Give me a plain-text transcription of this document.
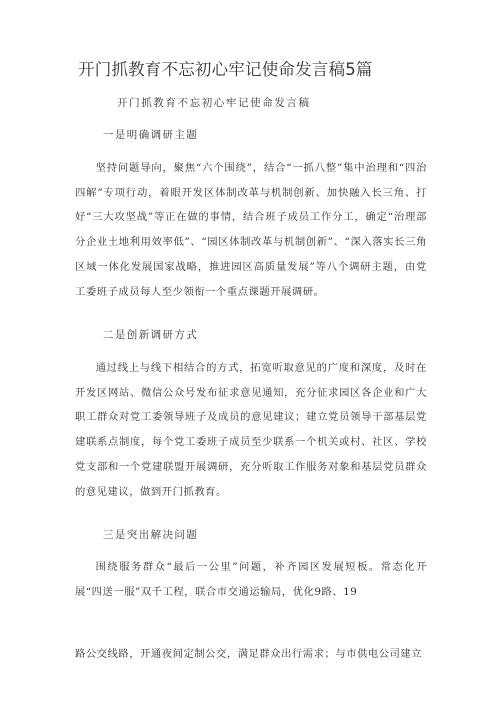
开门抓教育不忘初心牢记使命发言稿5篇
开门抓教育不忘初心牢记使命发言稿
一是明确调研主题

坚持问题导向，聚焦“六个围绕”，结合“一抓八整”集中治理和“四治四解”专项行动，着眼开发区体制改革与机制创新、加快融入长三角、打好“三大攻坚战”等正在做的事情，结合班子成员工作分工，确定“治理部分企业土地利用效率低”、“园区体制改革与机制创新”、“深入落实长三角区域一体化发展国家战略，推进园区高质量发展”等八个调研主题，由党工委班子成员每人至少领衔一个重点课题开展调研。

二是创新调研方式

通过线上与线下相结合的方式，拓宽听取意见的广度和深度，及时在开发区网站、微信公众号发布征求意见通知，充分征求园区各企业和广大职工群众对党工委领导班子及成员的意见建议；建立党员领导干部基层党建联系点制度，每个党工委班子成员至少联系一个机关或村、社区、学校党支部和一个党建联盟开展调研，充分听取工作服务对象和基层党员群众的意见建议，做到开门抓教育。

三是突出解决问题

围绕服务群众“最后一公里”问题，补齐园区发展短板。常态化开展“四送一服”双千工程，联合市交通运输局，优化9路、19

路公交线路，开通夜间定制公交，满足群众出行需求；与市供电公司建立
